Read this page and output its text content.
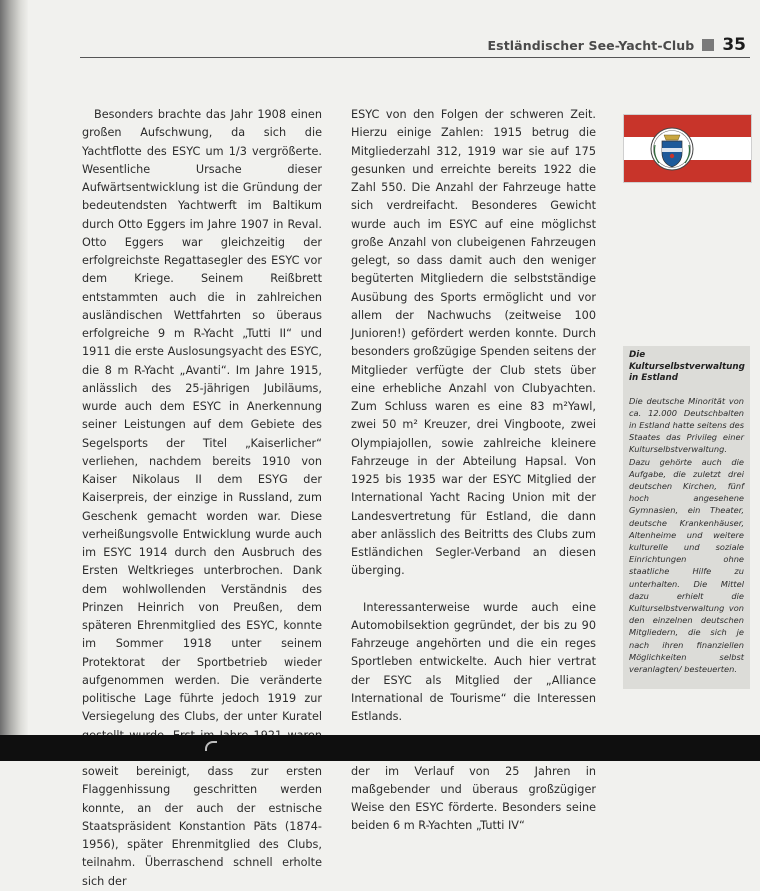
Estländischer See-Yacht-Club 35

Besonders brachte das Jahr 1908 einen großen Aufschwung, da sich die Yachtflotte des ESYC um 1/3 vergrößerte. Wesentliche Ursache dieser Aufwärtsentwicklung ist die Gründung der bedeutendsten Yachtwerft im Baltikum durch Otto Eggers im Jahre 1907 in Reval. Otto Eggers war gleichzeitig der erfolgreichste Regattasegler des ESYC vor dem Kriege. Seinem Reißbrett entstammten auch die in zahlreichen ausländischen Wettfahrten so überaus erfolgreiche 9 m R-Yacht „Tutti II“ und 1911 die erste Auslosungsyacht des ESYC, die 8 m R-Yacht „Avanti“. Im Jahre 1915, anlässlich des 25-jährigen Jubiläums, wurde auch dem ESYC in Anerkennung seiner Leistungen auf dem Gebiete des Segelsports der Titel „Kaiserlicher“ verliehen, nachdem bereits 1910 von Kaiser Nikolaus II dem ESYG der Kaiserpreis, der einzige in Russland, zum Geschenk gemacht worden war. Diese verheißungsvolle Entwicklung wurde auch im ESYC 1914 durch den Ausbruch des Ersten Weltkrieges unterbrochen. Dank dem wohlwollenden Verständnis des Prinzen Heinrich von Preußen, dem späteren Ehrenmitglied des ESYC, konnte im Sommer 1918 unter seinem Protektorat der Sportbetrieb wieder aufgenommen werden. Die veränderte politische Lage führte jedoch 1919 zur Versiegelung des Clubs, der unter Kuratel soweit bereinigt, dass zur ersten Flaggenhissung geschritten werden konnte, an der auch der estnische Staatspräsident Konstantion Päts (1874-1956), später Ehrenmitglied des Clubs, teilnahm. Überraschend schnell erholte sich der

ESYC von den Folgen der schweren Zeit. Hierzu einige Zahlen: 1915 betrug die Mitgliederzahl 312, 1919 war sie auf 175 gesunken und erreichte bereits 1922 die Zahl 550. Die Anzahl der Fahrzeuge hatte sich verdreifacht. Besonderes Gewicht wurde auch im ESYC auf eine möglichst große Anzahl von clubeigenen Fahrzeugen gelegt, so dass damit auch den weniger begüterten Mitgliedern die selbstständige Ausübung des Sports ermöglicht und vor allem der Nachwuchs (zeitweise 100 Junioren!) gefördert werden konnte. Durch besonders großzügige Spenden seitens der Mitglieder verfügte der Club stets über eine erhebliche Anzahl von Clubyachten. Zum Schluss waren es eine 83 m²Yawl, zwei 50 m² Kreuzer, drei Vingboote, zwei Olympiajollen, sowie zahlreiche kleinere Fahrzeuge in der Abteilung Hapsal. Von 1925 bis 1935 war der ESYC Mitglied der International Yacht Racing Union mit der Landesvertretung für Estland, die dann aber anlässlich des Beitritts des Clubs zum Estländichen Segler-Verband an diesen überging.

Interessanterweise wurde auch eine Automobilsektion gegründet, der bis zu 90 Fahrzeuge angehörten und die ein reges Sportleben entwickelte. Auch hier vertrat der ESYC als Mitglied der „Alliance International de Tourisme“ die Interessen Estlands.

der im Verlauf von 25 Jahren in maßgebender und überaus großzügiger Weise den ESYC förderte. Besonders seine beiden 6 m R-Yachten „Tutti IV“

Die Kulturselbstverwaltung in Estland
Die deutsche Minorität von ca. 12.000 Deutschbalten in Estland hatte seitens des Staates das Privileg einer Kulturselbstverwaltung. Dazu gehörte auch die Aufgabe, die zuletzt drei deutschen Kirchen, fünf hoch angesehene Gymnasien, ein Theater, deutsche Krankenhäuser, Altenheime und weitere kulturelle und soziale Einrichtungen ohne staatliche Hilfe zu unterhalten. Die Mittel dazu erhielt die Kulturselbstverwaltung von den einzelnen deutschen Mitgliedern, die sich je nach ihren finanziellen Möglichkeiten selbst veranlagten/ besteuerten.
